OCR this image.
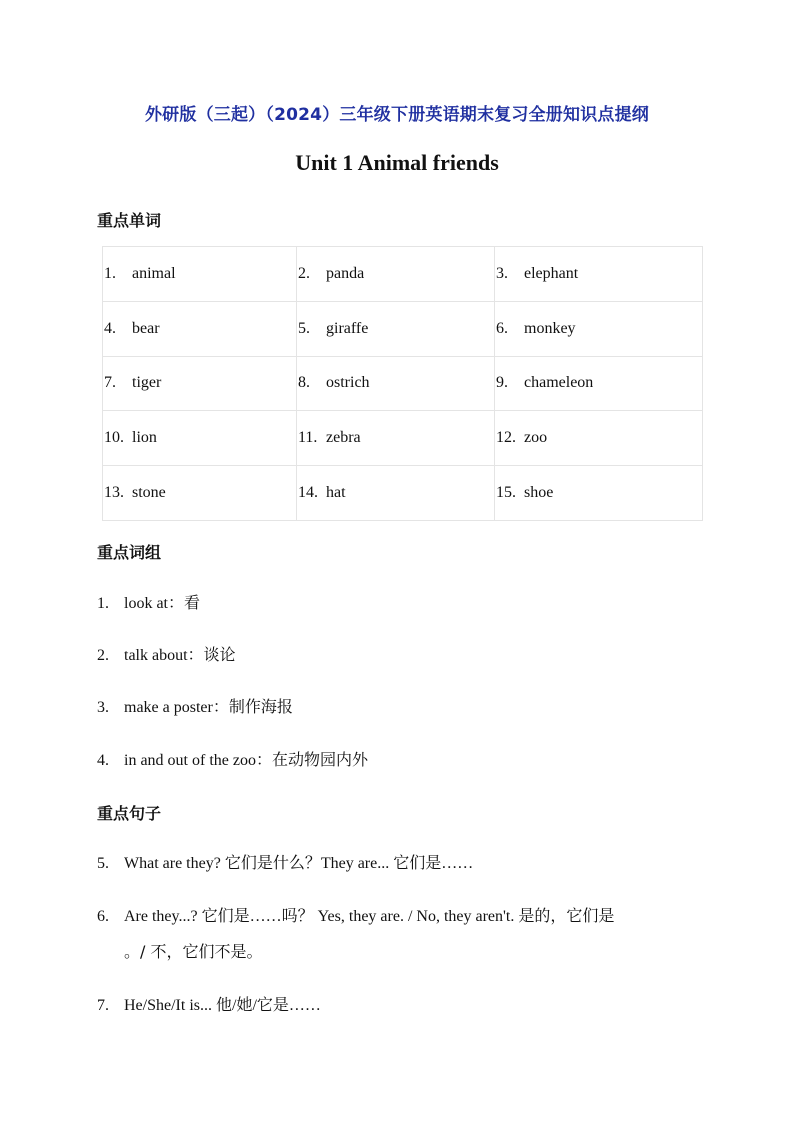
外研版（三起）（2024）三年级下册英语期末复习全册知识点提纲
Unit 1 Animal friends
重点单词
1. animal	2. panda	3. elephant
4. bear	5. giraffe	6. monkey
7. tiger	8. ostrich	9. chameleon
10. lion	11. zebra	12. zoo
13. stone	14. hat	15. shoe
重点词组
1. look at：看
2. talk about：谈论
3. make a poster：制作海报
4. in and out of the zoo：在动物园内外
重点句子
5. What are they? 它们是什么？They are... 它们是……
6. Are they...? 它们是……吗？ Yes, they are. / No, they aren't. 是的，它们是
。/ 不，它们不是。
7. He/She/It is... 他/她/它是……
